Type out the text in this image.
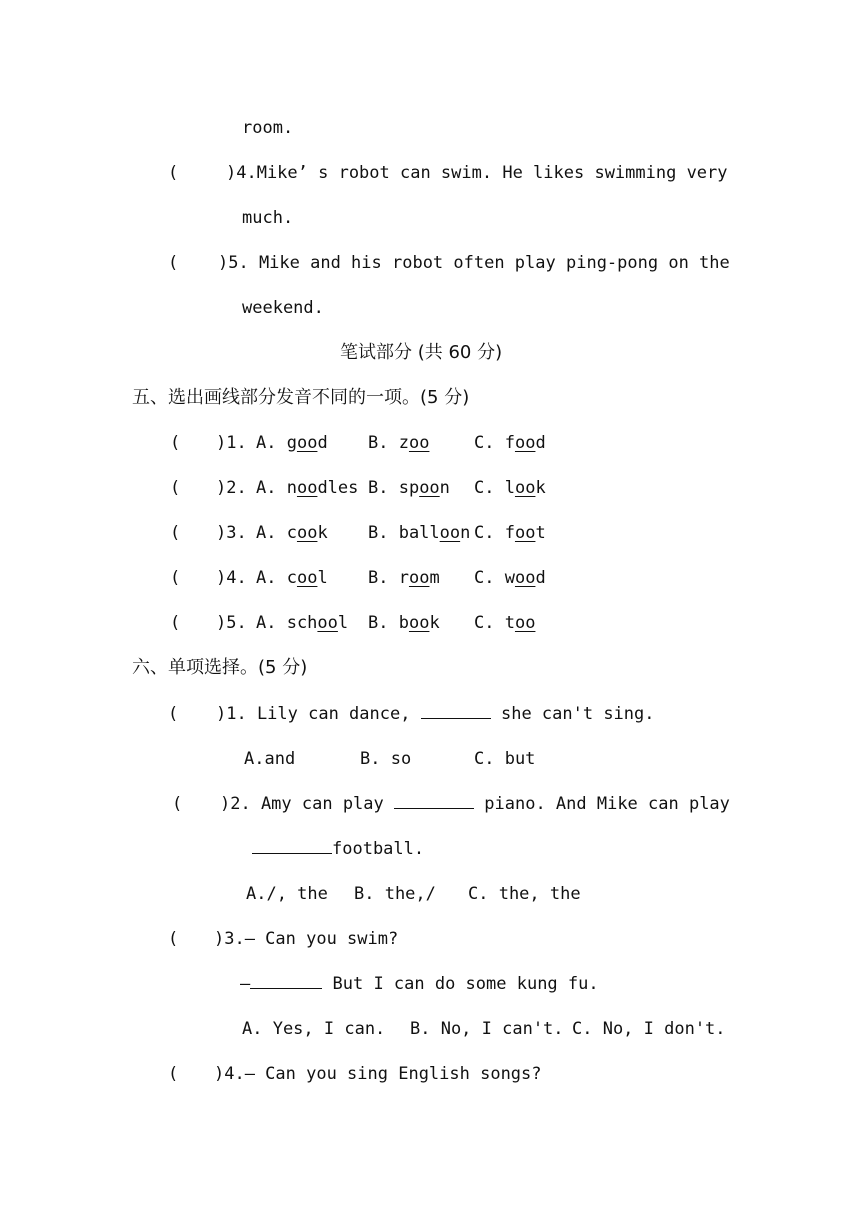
room.
(	)4.Mike’ s robot can swim. He likes swimming very
much.
( )5. Mike and his robot often play ping-pong on the
weekend.
笔试部分 (共 60 分)
五、选出画线部分发音不同的一项。(5 分)
( )1. A. good B. zoo	C. food
( )2. A. noodles B. spoon C. look
( )3. A. cook B. balloon C. foot
( )4. A. cool B. room C. wood
( )5. A. school B. book C. too
六、单项选择。(5 分)
( )1. Lily can dance,	she can't sing.
A.and	B. so	C. but
( )2. Amy can play	piano. And Mike can play
football.
A./, the B. the,/ C. the, the
( )3.— Can you swim?
—	But I can do some kung fu.
A. Yes, I can. B. No, I can't. C. No, I don't.
( )4.— Can you sing English songs?
